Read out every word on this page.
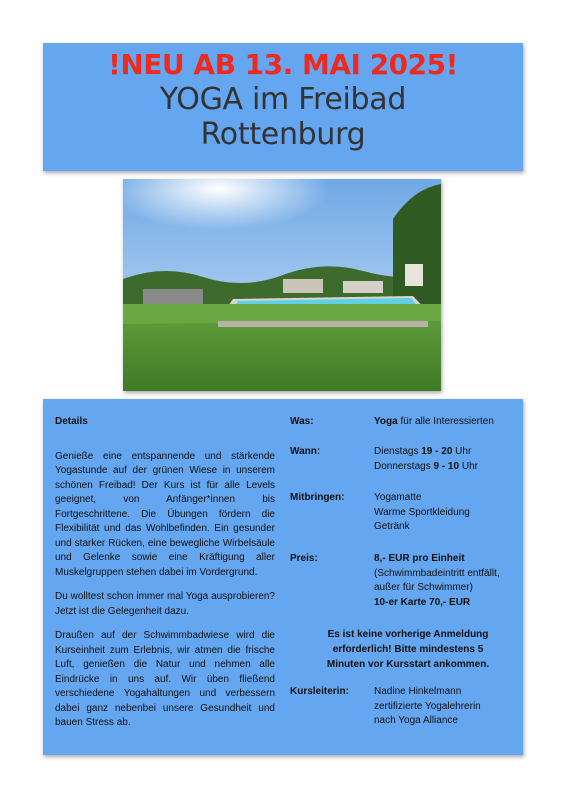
!NEU AB 13. MAI 2025!
YOGA im Freibad
Rottenburg
Details

Genieße eine entspannende und stärkende Yogastunde auf der grünen Wiese in unserem schönen Freibad! Der Kurs ist für alle Levels geeignet, von Anfänger*innen bis Fortgeschrittene. Die Übungen fördern die Flexibilität und das Wohlbefinden. Ein gesunder und starker Rücken, eine bewegliche Wirbelsäule und Gelenke sowie eine Kräftigung aller Muskelgruppen stehen dabei im Vordergrund.

Du wolltest schon immer mal Yoga ausprobieren? Jetzt ist die Gelegenheit dazu.

Draußen auf der Schwimmbadwiese wird die Kurseinheit zum Erlebnis, wir atmen die frische Luft, genießen die Natur und nehmen alle Eindrücke in uns auf. Wir üben fließend verschiedene Yogahaltungen und verbessern dabei ganz nebenbei unsere Gesundheit und bauen Stress ab.

Was:	Yoga für alle Interessierten
Wann:	Dienstags 19 - 20 Uhr
Donnerstags 9 - 10 Uhr
Mitbringen:	Yogamatte
Warme Sportkleidung
Getränk
Preis:	8,- EUR pro Einheit
(Schwimmbadeintritt entfällt,
außer für Schwimmer)
10-er Karte 70,- EUR
Es ist keine vorherige Anmeldung
erforderlich! Bitte mindestens 5
Minuten vor Kursstart ankommen.
Kursleiterin:	Nadine Hinkelmann
zertifizierte Yogalehrerin
nach Yoga Alliance
